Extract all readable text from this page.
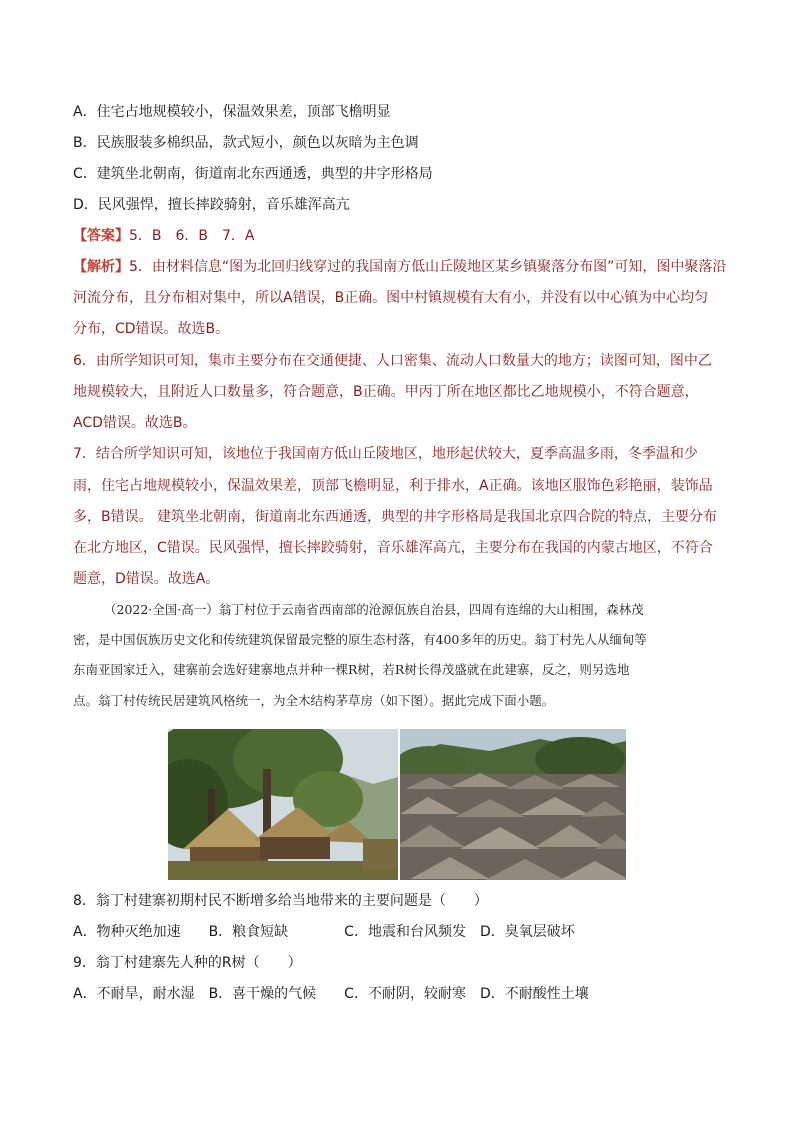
A．住宅占地规模较小，保温效果差，顶部飞檐明显
B．民族服装多棉织品，款式短小，颜色以灰暗为主色调
C．建筑坐北朝南，街道南北东西通透，典型的井字形格局
D．民风强悍，擅长摔跤骑射，音乐雄浑高亢
【答案】5．B　6．B　7．A
【解析】5．由材料信息“图为北回归线穿过的我国南方低山丘陵地区某乡镇聚落分布图”可知，图中聚落沿
河流分布，且分布相对集中，所以A错误，B正确。图中村镇规模有大有小，并没有以中心镇为中心均匀
分布，CD错误。故选B。
6．由所学知识可知，集市主要分布在交通便捷、人口密集、流动人口数量大的地方；读图可知，图中乙
地规模较大，且附近人口数量多，符合题意，B正确。甲丙丁所在地区都比乙地规模小，不符合题意，
ACD错误。故选B。
7．结合所学知识可知，该地位于我国南方低山丘陵地区，地形起伏较大，夏季高温多雨，冬季温和少
雨，住宅占地规模较小，保温效果差，顶部飞檐明显，利于排水，A正确。该地区服饰色彩艳丽，装饰品
多，B错误。 建筑坐北朝南，街道南北东西通透，典型的井字形格局是我国北京四合院的特点，主要分布
在北方地区，C错误。民风强悍，擅长摔跤骑射，音乐雄浑高亢，主要分布在我国的内蒙古地区，不符合
题意，D错误。故选A。
（2022·全国·高一）翁丁村位于云南省西南部的沧源佤族自治县，四周有连绵的大山相围，森林茂
密，是中国佤族历史文化和传统建筑保留最完整的原生态村落，有400多年的历史。翁丁村先人从缅甸等
东南亚国家迁入，建寨前会选好建寨地点并种一棵R树，若R树长得茂盛就在此建寨，反之，则另选地
点。翁丁村传统民居建筑风格统一，为全木结构茅草房（如下图）。据此完成下面小题。
8．翁丁村建寨初期村民不断增多给当地带来的主要问题是（　　）
A．物种灭绝加速　　B．粮食短缺　　　　C．地震和台风频发　D．臭氧层破坏
9．翁丁村建寨先人种的R树（　　）
A．不耐旱，耐水湿　B．喜干燥的气候　　C．不耐阴，较耐寒　D．不耐酸性土壤
